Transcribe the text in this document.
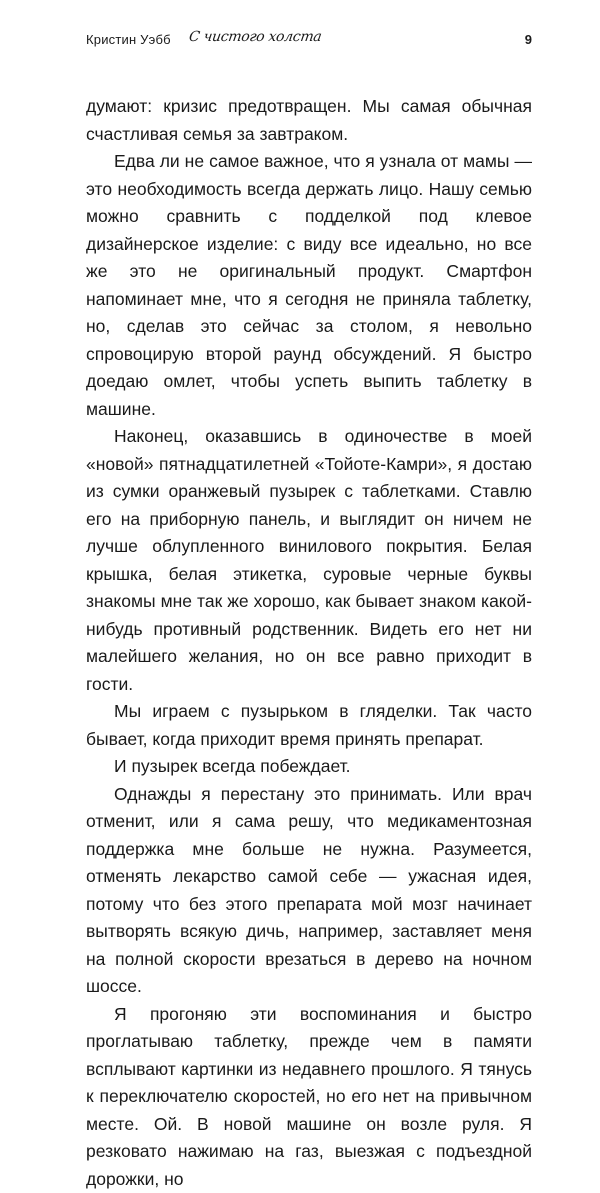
Кристин Уэбб С чистого холста	9

думают: кризис предотвращен. Мы самая обычная счастливая семья за завтраком.

Едва ли не самое важное, что я узнала от мамы — это необходимость всегда держать лицо. Нашу семью можно сравнить с подделкой под клевое дизайнерское изделие: с виду все идеально, но все же это не оригинальный продукт. Смартфон напоминает мне, что я сегодня не приняла таблетку, но, сделав это сейчас за столом, я невольно спровоцирую второй раунд обсуждений. Я быстро доедаю омлет, чтобы успеть выпить таблетку в машине.

Наконец, оказавшись в одиночестве в моей «новой» пятнадцатилетней «Тойоте-Камри», я достаю из сумки оранжевый пузырек с таблетками. Ставлю его на приборную панель, и выглядит он ничем не лучше облупленного винилового покрытия. Белая крышка, белая этикетка, суровые черные буквы знакомы мне так же хорошо, как бывает знаком какой-нибудь противный родственник. Видеть его нет ни малейшего желания, но он все равно приходит в гости.

Мы играем с пузырьком в гляделки. Так часто бывает, когда приходит время принять препарат.

И пузырек всегда побеждает.

Однажды я перестану это принимать. Или врач отменит, или я сама решу, что медикаментозная поддержка мне больше не нужна. Разумеется, отменять лекарство самой себе — ужасная идея, потому что без этого препарата мой мозг начинает вытворять всякую дичь, например, заставляет меня на полной скорости врезаться в дерево на ночном шоссе.

Я прогоняю эти воспоминания и быстро проглатываю таблетку, прежде чем в памяти всплывают картинки из недавнего прошлого. Я тянусь к переключателю скоростей, но его нет на привычном месте. Ой. В новой машине он возле руля. Я резковато нажимаю на газ, выезжая с подъездной дорожки, но
